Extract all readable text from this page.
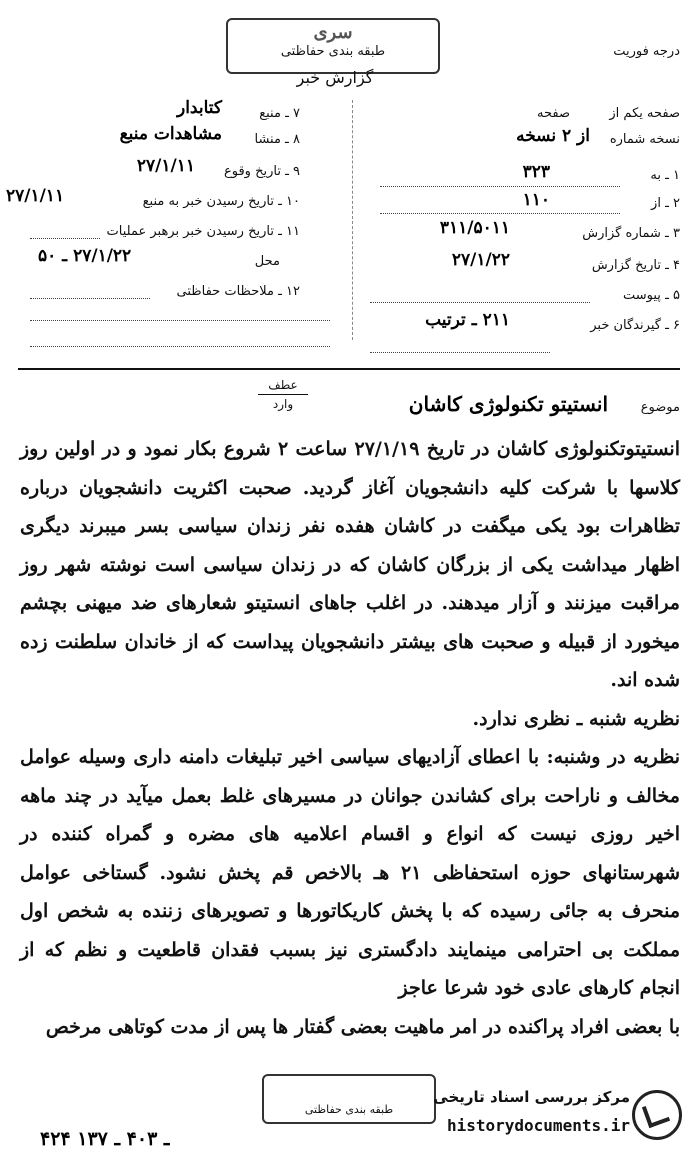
سری
طبقه بندی حفاظتی
گزارش خبر
درجه فوریت
صفحه یکم از
صفحه
نسخه شماره
از ۲ نسخه
۱ ـ به
۳۲۳
۲ ـ از
۱۱۰
۳ ـ شماره گزارش
۳۱۱/۵۰۱۱
۴ ـ تاریخ گزارش
۲۷/۱/۲۲
۵ ـ پیوست
۶ ـ گیرندگان خبر
۲۱۱ ـ ترتیب
۷ ـ منبع
کتابدار
۸ ـ منشا
مشاهدات منبع
۹ ـ تاریخ وقوع
۲۷/۱/۱۱
۱۰ ـ تاریخ رسیدن خبر به منبع
۲۷/۱/۱۱
۱۱ ـ تاریخ رسیدن خبر برهبر عملیات
محل
۲۷/۱/۲۲ ـ ۵۰
۱۲ ـ ملاحظات حفاظتی
موضوع
انستیتو تکنولوژی کاشان
عطف
وارد

انستیتوتکنولوژی کاشان در تاریخ ۲۷/۱/۱۹ ساعت ۲ شروع بکار نمود و در اولین روز کلاسها با شرکت کلیه دانشجویان آغاز گردید. صحبت اکثریت دانشجویان درباره تظاهرات بود یکی میگفت در کاشان هفده نفر زندان سیاسی بسر میبرند دیگری اظهار میداشت یکی از بزرگان کاشان که در زندان سیاسی است نوشته شهر روز مراقبت میزنند و آزار میدهند. در اغلب جاهای انستیتو شعارهای ضد میهنی بچشم میخورد از قبیله و صحبت های بیشتر دانشجویان پیداست که از خاندان سلطنت زده شده اند.

نظریه شنبه ـ نظری ندارد.

نظریه در وشنبه: با اعطای آزادیهای سیاسی اخیر تبلیغات دامنه داری وسیله عوامل مخالف و ناراحت برای کشاندن جوانان در مسیرهای غلط بعمل میآید در چند ماهه اخیر روزی نیست که انواع و اقسام اعلامیه های مضره و گمراه کننده در شهرستانهای حوزه استحفاظی ۲۱ هـ بالاخص قم پخش نشود. گستاخی عوامل منحرف به جائی رسیده که با پخش کاریکاتورها و تصویرهای زننده به شخص اول مملکت بی احترامی مینمایند دادگستری نیز بسبب فقدان قاطعیت و نظم که از انجام کارهای عادی خود شرعا عاجز

با بعضی افراد پراکنده در امر ماهیت بعضی گفتار ها پس از مدت کوتاهی مرخص

طبقه بندی حفاظتی
۴۲۴ ـ ۴۰۳ ـ ۱۳۷
مرکز بررسی اسناد تاریخی
historydocuments.ir
